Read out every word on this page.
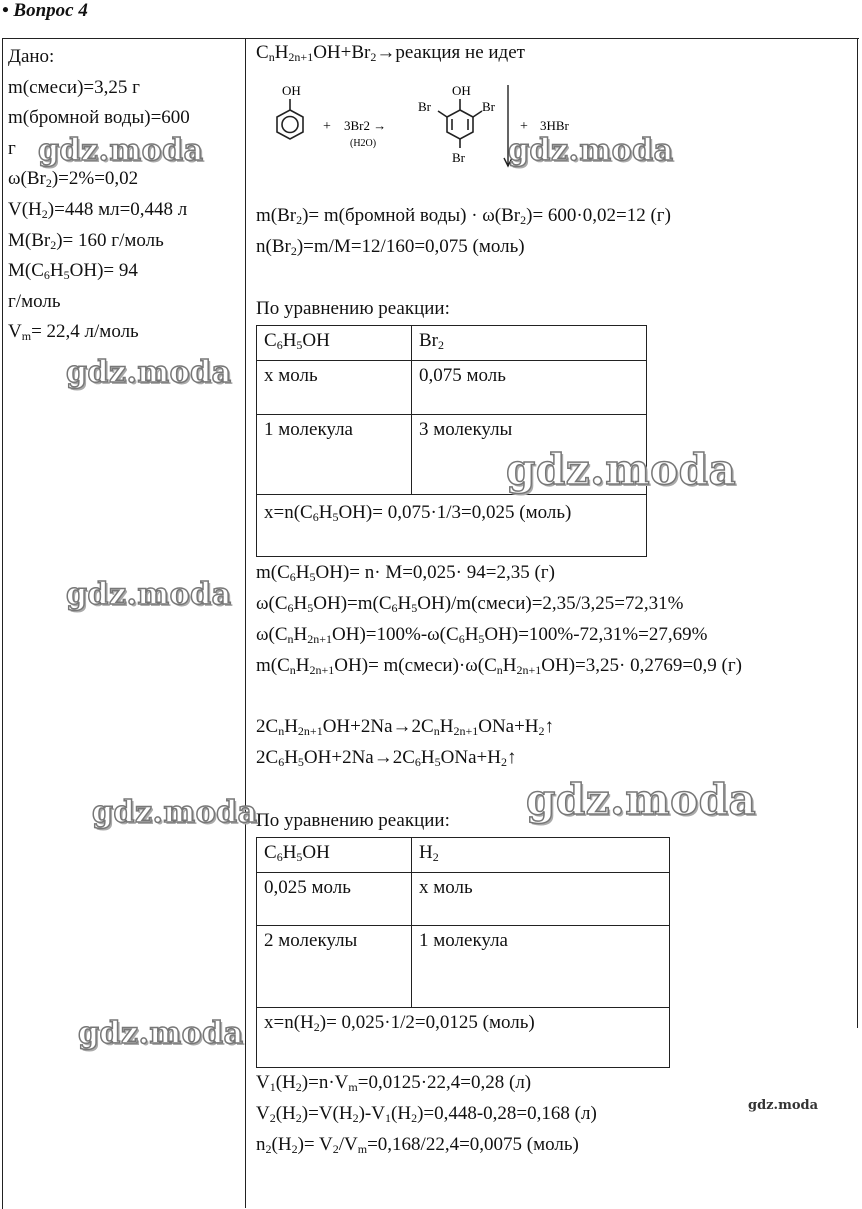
• Вопрос 4
Дано:
m(смеси)=3,25 г
m(бромной воды)=600
г
$\omega(Br_2)=2\%=0,02$
$V(H_2)=448$ мл=0,448 л
$M(Br_2)= 160$ г/моль
$M(C_6H_5OH)= 94$
г/моль
$V_m= 22,4$ л/моль
$C_nH_{2n+1}OH+Br_2\to реакция$ не идет
OH
+ 3Br2 →
(H2O)
OH
Br	Br
Br
+ 3HBr
$m(Br_2)=$ m(бромной воды) · $\omega(Br_2)= 600\cdot 0,02=12$ (г)
$n(Br_2)=m/M=12/160=0,075$ (моль)
По уравнению реакции:
$C_6H_5OH$	$Br_2$
х моль	0,075 моль
1 молекула	3 молекулы
$x=n(C_6H_5OH)= 0,075\cdot 1/3=0,025$ (моль)	
$m(C_6H_5OH)= n\cdot M=0,025\cdot 94=2,35$ (г)
$\omega(C_6H_5OH)=m(C_6H_5OH)/m(смеси)=2,35/3,25=72,31\%$
$\omega(C_nH_{2n+1}OH)=100\%-\omega(C_6H_5OH)=100\%-72,31\%=27,69\%$
$m(C_nH_{2n+1}OH)=$ $m(смеси)\cdot\omega(C_nH_{2n+1}OH)=3,25\cdot 0,2769=0,9$ (г)
$2C_nH_{2n+1}OH+2Na\to 2C_nH_{2n+1}ONa+H_2↑$
$2C_6H_5OH+2Na\to 2C_6H_5ONa+H_2↑$
По уравнению реакции:
$C_6H_5OH$	$H_2$
0,025 моль	х моль
2 молекулы	1 молекула
$x=n(H_2)= 0,025\cdot 1/2=0,0125$ (моль)	
$V_1(H_2)=n\cdot V_m=0,0125\cdot 22,4=0,28$ (л)
$V_2(H_2)=V(H_2)-V_1(H_2)=0,448-0,28=0,168$ (л)
$n_2(H_2)= V_2/V_m=0,168/22,4=0,0075$ (моль)
gdz.moda	gdz.moda
gdz.moda
gdz.moda
gdz.moda
gdz.moda
gdz.moda
gdz.moda
gdz.moda
